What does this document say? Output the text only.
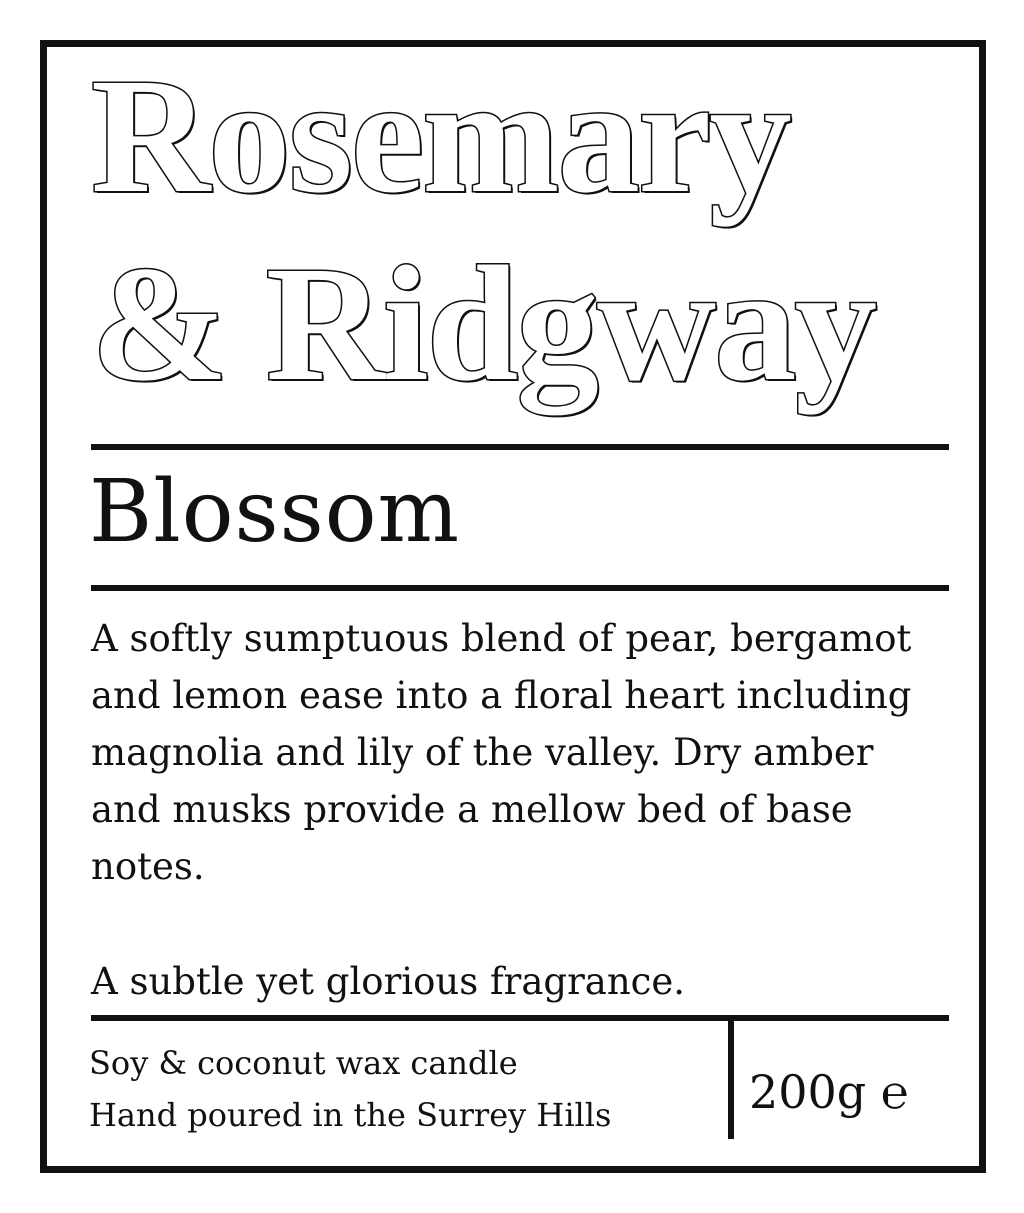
Rosemary
& Ridgway
Blossom

A softly sumptuous blend of pear, bergamot and lemon ease into a floral heart including magnolia and lily of the valley. Dry amber and musks provide a mellow bed of base notes.

A subtle yet glorious fragrance.

Soy & coconut wax candle
Hand poured in the Surrey Hills	200g ℮
